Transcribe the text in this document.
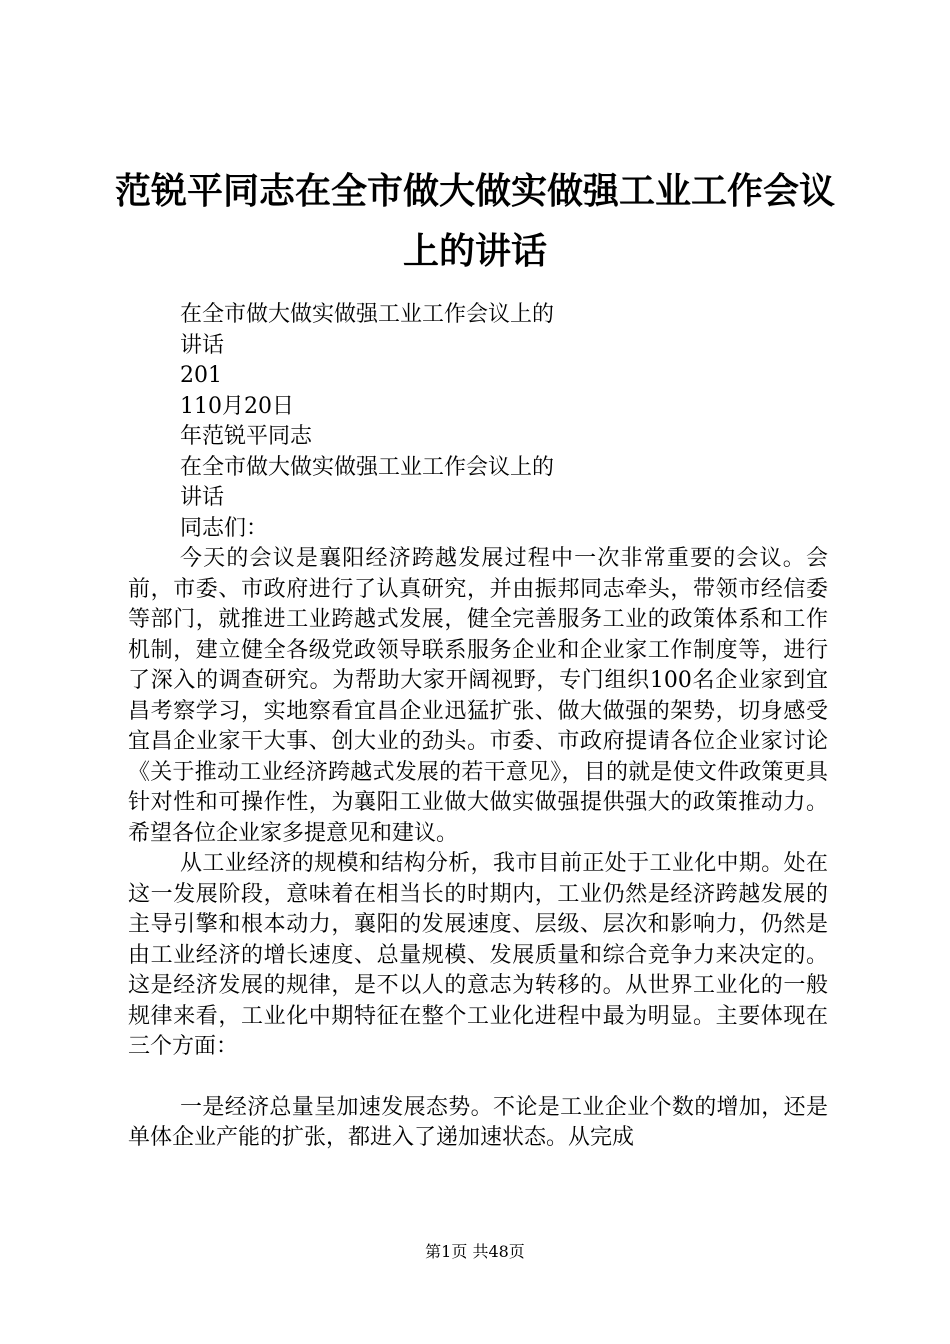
范锐平同志在全市做大做实做强工业工作会议
上的讲话
在全市做大做实做强工业工作会议上的
讲话
201
110月20日
年范锐平同志
在全市做大做实做强工业工作会议上的
讲话
同志们：

今天的会议是襄阳经济跨越发展过程中一次非常重要的会议。会前，市委、市政府进行了认真研究，并由振邦同志牵头，带领市经信委等部门，就推进工业跨越式发展，健全完善服务工业的政策体系和工作机制，建立健全各级党政领导联系服务企业和企业家工作制度等，进行了深入的调查研究。为帮助大家开阔视野，专门组织100名企业家到宜昌考察学习，实地察看宜昌企业迅猛扩张、做大做强的架势，切身感受宜昌企业家干大事、创大业的劲头。市委、市政府提请各位企业家讨论《关于推动工业经济跨越式发展的若干意见》，目的就是使文件政策更具针对性和可操作性，为襄阳工业做大做实做强提供强大的政策推动力。希望各位企业家多提意见和建议。

从工业经济的规模和结构分析，我市目前正处于工业化中期。处在这一发展阶段，意味着在相当长的时期内，工业仍然是经济跨越发展的主导引擎和根本动力，襄阳的发展速度、层级、层次和影响力，仍然是由工业经济的增长速度、总量规模、发展质量和综合竞争力来决定的。这是经济发展的规律，是不以人的意志为转移的。从世界工业化的一般规律来看，工业化中期特征在整个工业化进程中最为明显。主要体现在三个方面：

一是经济总量呈加速发展态势。不论是工业企业个数的增加，还是单体企业产能的扩张，都进入了递加速状态。从完成

第1页 共48页
